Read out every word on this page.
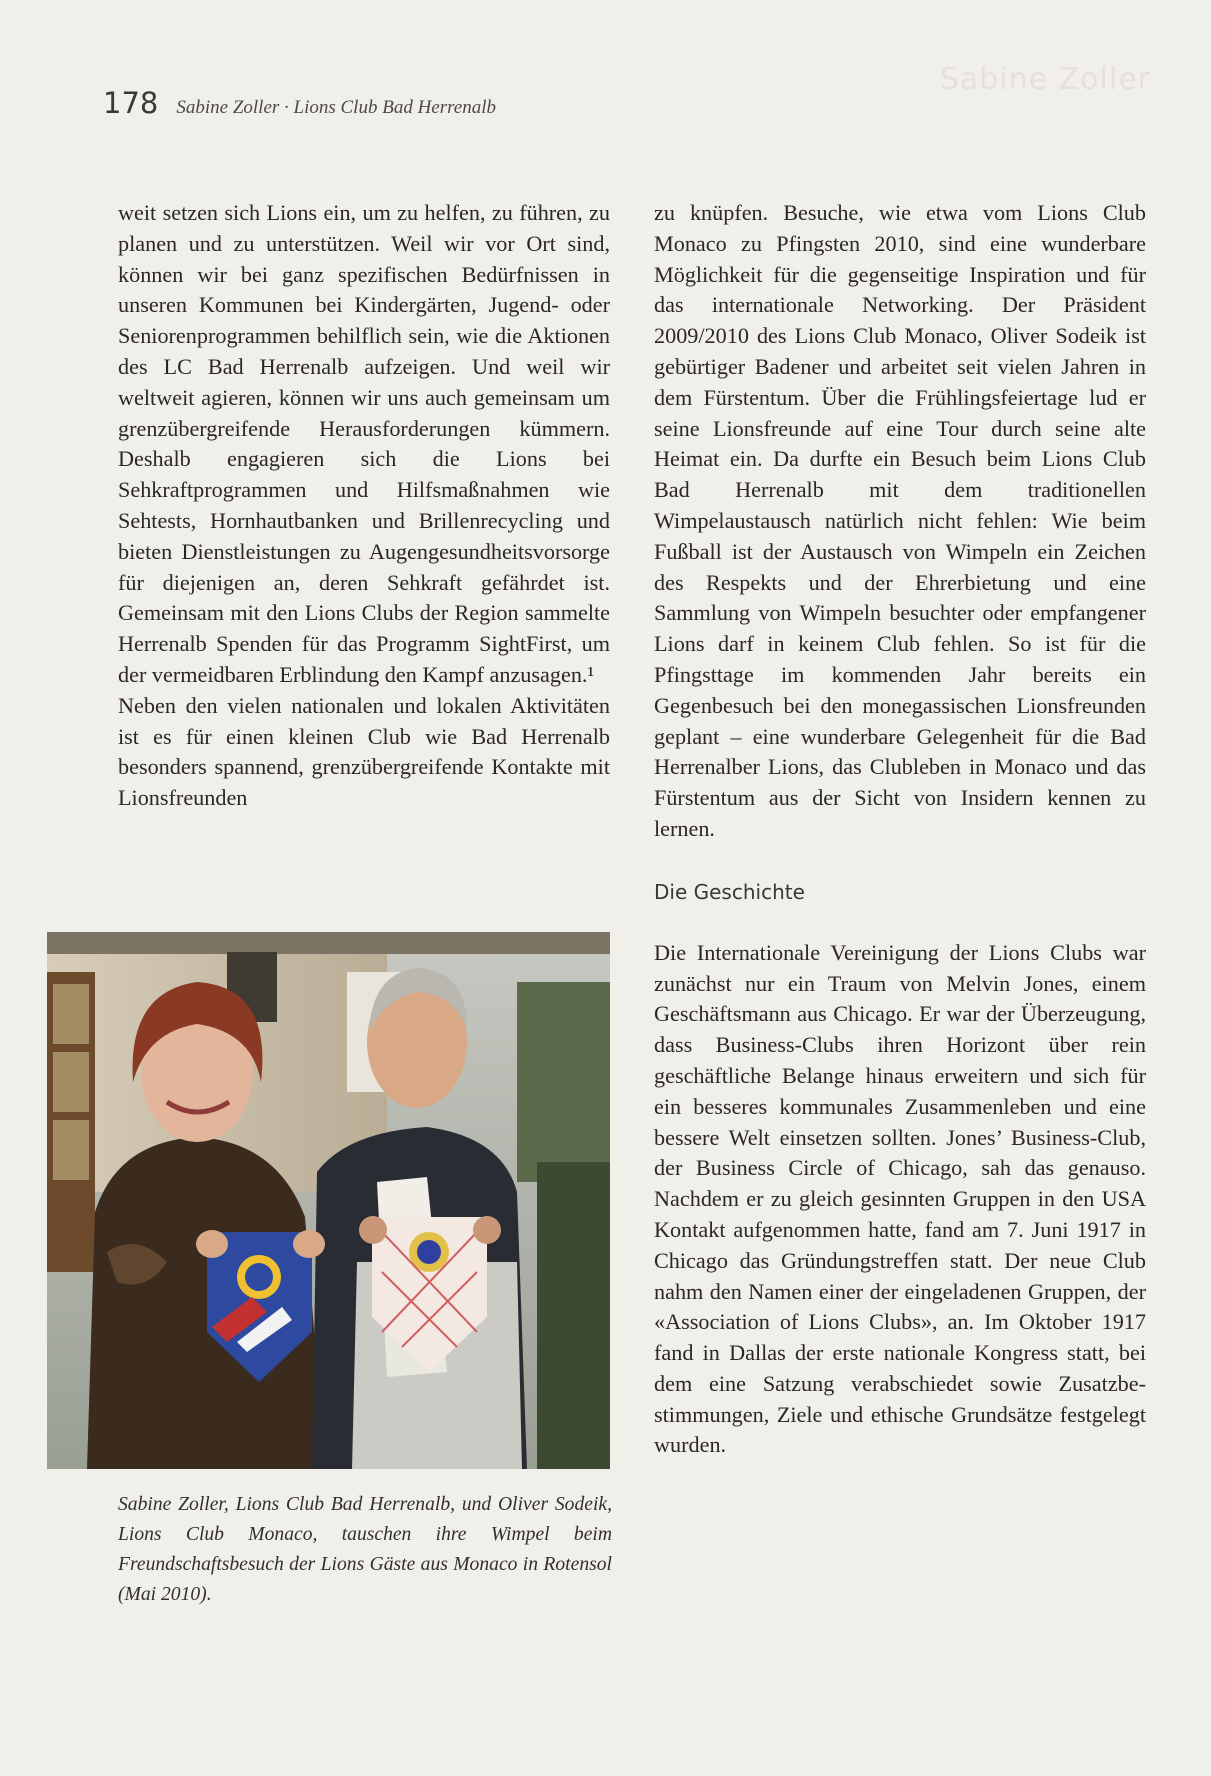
Sabine Zoller
178 Sabine Zoller · Lions Club Bad Herrenalb

weit setzen sich Lions ein, um zu helfen, zu führen, zu planen und zu unterstützen. Weil wir vor Ort sind, können wir bei ganz spezifischen Bedürfnissen in unseren Kommunen bei Kindergärten, Jugend- oder Seniorenprogrammen behilflich sein, wie die Aktionen des LC Bad Herrenalb aufzeigen. Und weil wir weltweit agieren, können wir uns auch gemeinsam um grenzübergreifende Herausforderungen kümmern. Deshalb engagieren sich die Lions bei Sehkraftprogrammen und Hilfsmaßnahmen wie Sehtests, Hornhautbanken und Brillenrecycling und bieten Dienstleistungen zu Augengesundheitsvorsorge für diejenigen an, deren Sehkraft gefährdet ist. Gemeinsam mit den Lions Clubs der Region sammelte Herrenalb Spenden für das Programm SightFirst, um der vermeidbaren Erblindung den Kampf anzusagen.¹

Neben den vielen nationalen und lokalen Aktivitäten ist es für einen kleinen Club wie Bad Herrenalb besonders spannend, grenzübergreifende Kontakte mit Lionsfreunden

Sabine Zoller, Lions Club Bad Herrenalb, und Oliver Sodeik, Lions Club Monaco, tauschen ihre Wimpel beim Freundschaftsbesuch der Lions Gäste aus Monaco in Rotensol (Mai 2010).

zu knüpfen. Besuche, wie etwa vom Lions Club Monaco zu Pfingsten 2010, sind eine wunderbare Möglichkeit für die gegenseitige Inspiration und für das internationale Networking. Der Präsident 2009/2010 des Lions Club Monaco, Oliver Sodeik ist gebürtiger Badener und arbeitet seit vielen Jahren in dem Fürstentum. Über die Frühlingsfeiertage lud er seine Lionsfreunde auf eine Tour durch seine alte Heimat ein. Da durfte ein Besuch beim Lions Club Bad Herrenalb mit dem traditionellen Wimpelaustausch natürlich nicht fehlen: Wie beim Fußball ist der Austausch von Wimpeln ein Zeichen des Respekts und der Ehrerbietung und eine Sammlung von Wimpeln besuchter oder empfangener Lions darf in keinem Club fehlen. So ist für die Pfingsttage im kommenden Jahr bereits ein Gegenbesuch bei den monegassischen Lionsfreunden geplant – eine wunderbare Gelegenheit für die Bad Herrenalber Lions, das Clubleben in Monaco und das Fürstentum aus der Sicht von Insidern kennen zu lernen.

Die Geschichte

Die Internationale Vereinigung der Lions Clubs war zunächst nur ein Traum von Melvin Jones, einem Geschäftsmann aus Chicago. Er war der Überzeugung, dass Business-Clubs ihren Horizont über rein geschäftliche Belange hinaus erweitern und sich für ein besseres kommunales Zusammenleben und eine bessere Welt einsetzen sollten. Jones’ Business-Club, der Business Circle of Chicago, sah das genauso. Nachdem er zu gleich gesinnten Gruppen in den USA Kontakt aufgenommen hatte, fand am 7. Juni 1917 in Chicago das Gründungstreffen statt. Der neue Club nahm den Namen einer der eingeladenen Gruppen, der «Association of Lions Clubs», an. Im Oktober 1917 fand in Dallas der erste nationale Kongress statt, bei dem eine Satzung verabschiedet sowie Zusatzbestimmungen, Ziele und ethische Grundsätze festgelegt wurden.
